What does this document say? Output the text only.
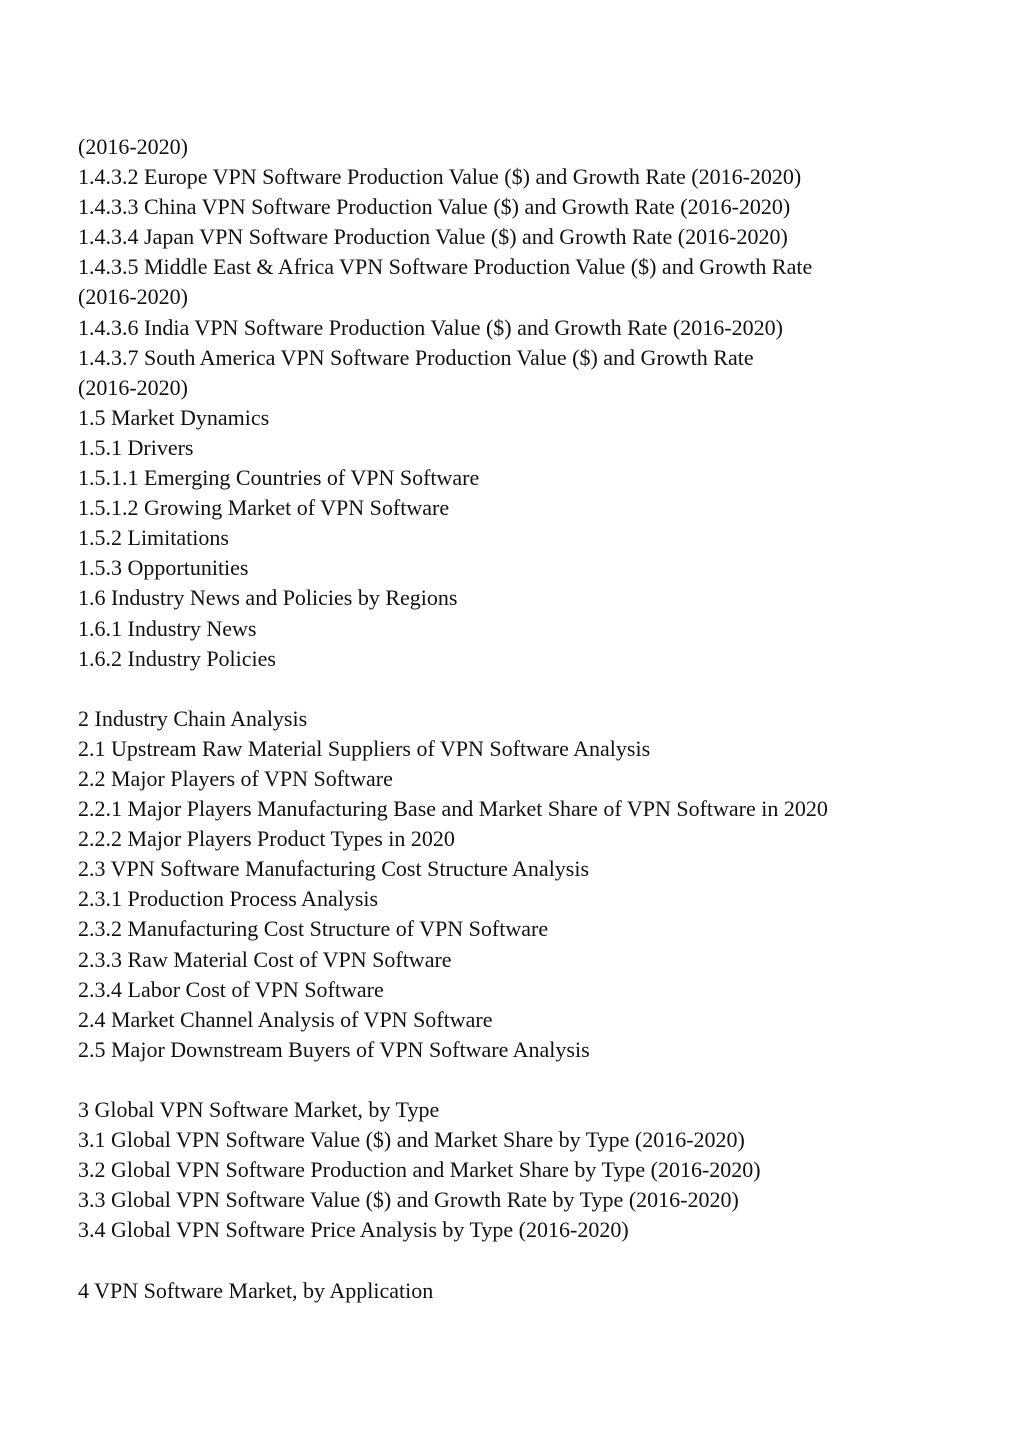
(2016-2020)
1.4.3.2 Europe VPN Software Production Value ($) and Growth Rate (2016-2020)
1.4.3.3 China VPN Software Production Value ($) and Growth Rate (2016-2020)
1.4.3.4 Japan VPN Software Production Value ($) and Growth Rate (2016-2020)
1.4.3.5 Middle East & Africa VPN Software Production Value ($) and Growth Rate
(2016-2020)
1.4.3.6 India VPN Software Production Value ($) and Growth Rate (2016-2020)
1.4.3.7 South America VPN Software Production Value ($) and Growth Rate
(2016-2020)
1.5 Market Dynamics
1.5.1 Drivers
1.5.1.1 Emerging Countries of VPN Software
1.5.1.2 Growing Market of VPN Software
1.5.2 Limitations
1.5.3 Opportunities
1.6 Industry News and Policies by Regions
1.6.1 Industry News
1.6.2 Industry Policies
2 Industry Chain Analysis
2.1 Upstream Raw Material Suppliers of VPN Software Analysis
2.2 Major Players of VPN Software
2.2.1 Major Players Manufacturing Base and Market Share of VPN Software in 2020
2.2.2 Major Players Product Types in 2020
2.3 VPN Software Manufacturing Cost Structure Analysis
2.3.1 Production Process Analysis
2.3.2 Manufacturing Cost Structure of VPN Software
2.3.3 Raw Material Cost of VPN Software
2.3.4 Labor Cost of VPN Software
2.4 Market Channel Analysis of VPN Software
2.5 Major Downstream Buyers of VPN Software Analysis
3 Global VPN Software Market, by Type
3.1 Global VPN Software Value ($) and Market Share by Type (2016-2020)
3.2 Global VPN Software Production and Market Share by Type (2016-2020)
3.3 Global VPN Software Value ($) and Growth Rate by Type (2016-2020)
3.4 Global VPN Software Price Analysis by Type (2016-2020)
4 VPN Software Market, by Application
